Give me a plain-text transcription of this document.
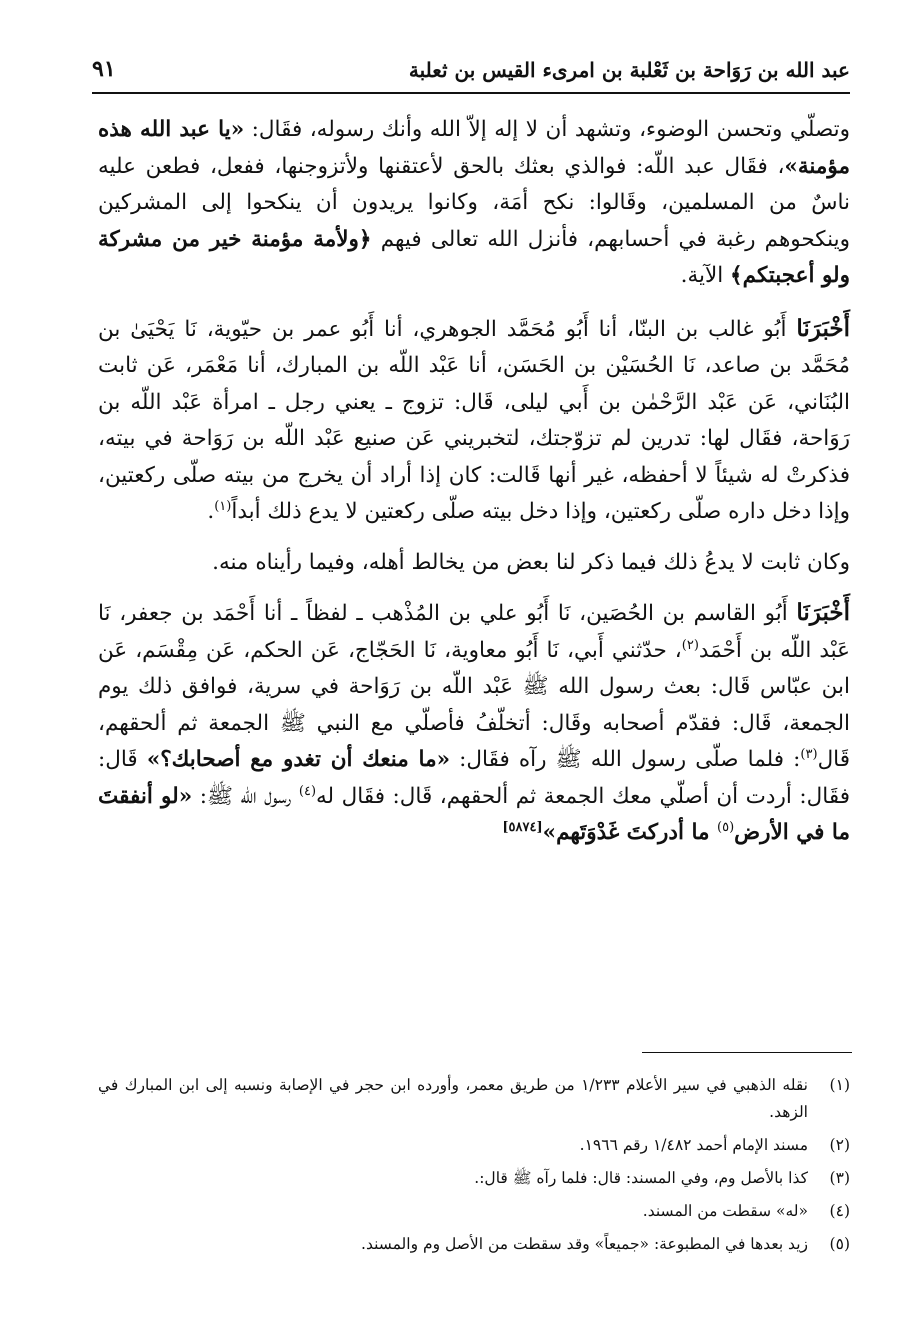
عبد الله بن رَوَاحة بن ثَعْلبة بن امرىء القيس بن ثعلبة
٩١

وتصلّي وتحسن الوضوء، وتشهد أن لا إله إلاّ الله وأنك رسوله، فقَال: «يا عبد الله هذه مؤمنة»، فقَال عبد اللّه: فوالذي بعثك بالحق لأعتقنها ولأتزوجنها، ففعل، فطعن عليه ناسٌ من المسلمين، وقَالوا: نكح أمَة، وكانوا يريدون أن ينكحوا إلى المشركين وينكحوهم رغبة في أحسابهم، فأنزل الله تعالى فيهم ﴿ولأمة مؤمنة خير من مشركة ولو أعجبتكم﴾ الآية.

أَخْبَرَنَا أَبُو غالب بن البنّا، أنا أَبُو مُحَمَّد الجوهري، أنا أَبُو عمر بن حيّوية، نَا يَحْيَىٰ بن مُحَمَّد بن صاعد، نَا الحُسَيْن بن الحَسَن، أنا عَبْد اللّه بن المبارك، أنا مَعْمَر، عَن ثابت البُنَاني، عَن عَبْد الرَّحْمٰن بن أَبي ليلى، قَال: تزوج ـ يعني رجل ـ امرأة عَبْد اللّه بن رَوَاحة، فقَال لها: تدرين لم تزوّجتك، لتخبريني عَن صنيع عَبْد اللّه بن رَوَاحة في بيته، فذكرتْ له شيئاً لا أحفظه، غير أنها قَالت: كان إذا أراد أن يخرج من بيته صلّى ركعتين، وإذا دخل داره صلّى ركعتين، وإذا دخل بيته صلّى ركعتين لا يدع ذلك أبداً$^{(١)}$.

وكان ثابت لا يدعُ ذلك فيما ذكر لنا بعض من يخالط أهله، وفيما رأيناه منه.

أَخْبَرَنَا أَبُو القاسم بن الحُصَين، نَا أَبُو علي بن المُذْهب ـ لفظاً ـ أنا أَحْمَد بن جعفر، نَا عَبْد اللّه بن أَحْمَد$^{(٢)}$، حدّثني أَبي، نَا أَبُو معاوية، نَا الحَجّاج، عَن الحكم، عَن مِقْسَم، عَن ابن عبّاس قَال: بعث رسول الله ﷺ عَبْد اللّه بن رَوَاحة في سرية، فوافق ذلك يوم الجمعة، قَال: فقدّم أصحابه وقَال: أتخلّفُ فأصلّي مع النبي ﷺ الجمعة ثم ألحقهم، قَال$^{(٣)}$: فلما صلّى رسول الله ﷺ رآه فقَال: «ما منعك أن تغدو مع أصحابك؟» قَال: فقَال: أردت أن أصلّي معك الجمعة ثم ألحقهم، قَال: فقَال له$^{(٤)}$ رسول الله ﷺ: «لو أنفقتَ ما في الأرض$^{(٥)}$ ما أدركتَ غَدْوَتَهم»[٥٨٧٤]

(١)
نقله الذهبي في سير الأعلام ١/٢٣٣ من طريق معمر، وأورده ابن حجر في الإصابة ونسبه إلى ابن المبارك في الزهد.
(٢)
مسند الإمام أحمد ١/٤٨٢ رقم ١٩٦٦.
(٣)
كذا بالأصل وم، وفي المسند: قال: فلما رآه ﷺ قال:.
(٤)
«له» سقطت من المسند.
(٥)
زيد بعدها في المطبوعة: «جميعاً» وقد سقطت من الأصل وم والمسند.
